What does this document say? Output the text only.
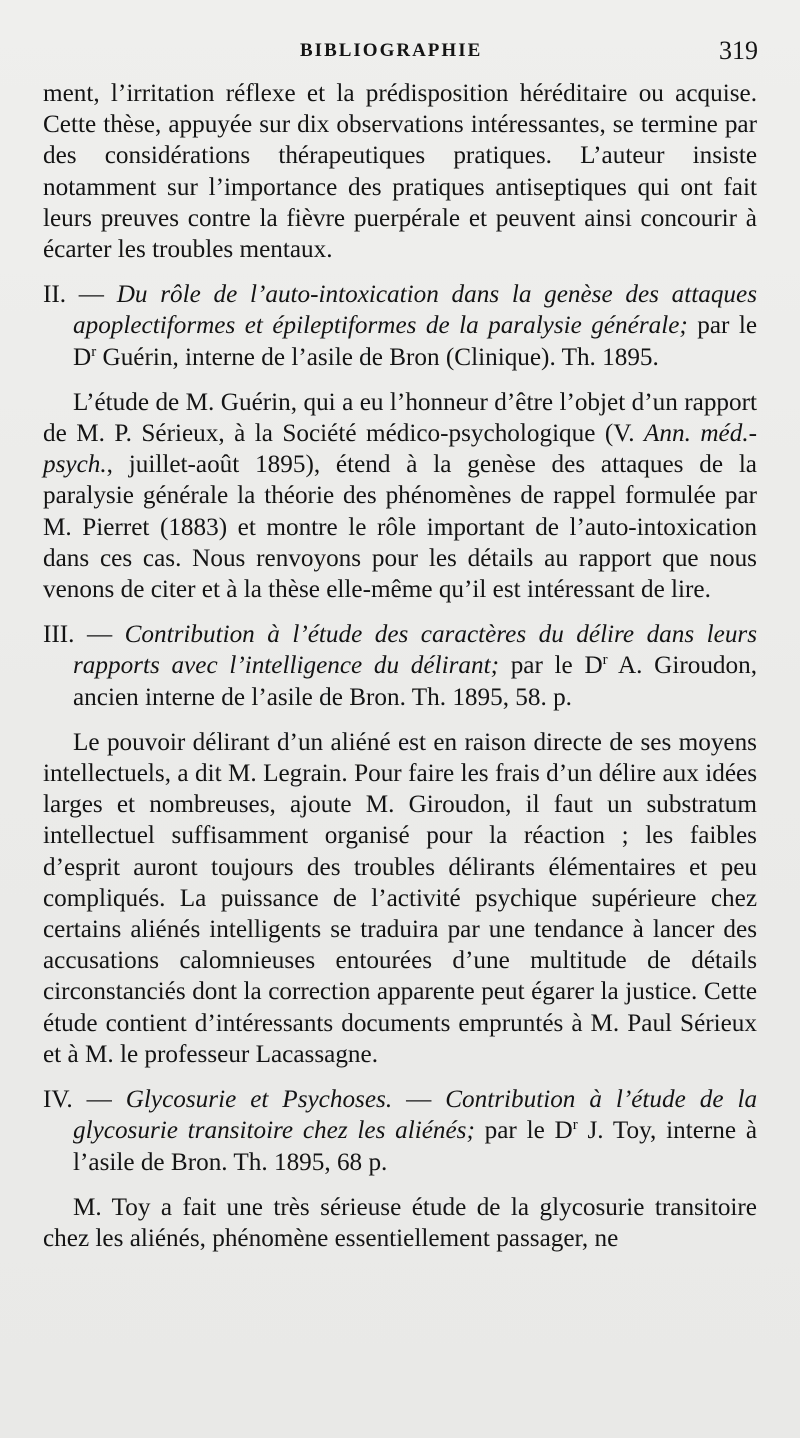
BIBLIOGRAPHIE	319

ment, l’irritation réflexe et la prédisposition héréditaire ou acquise. Cette thèse, appuyée sur dix observations intéressantes, se termine par des considérations thérapeutiques pratiques. L’auteur insiste notamment sur l’importance des pratiques antiseptiques qui ont fait leurs preuves contre la fièvre puerpérale et peuvent ainsi concourir à écarter les troubles mentaux.

II. — Du rôle de l’auto-intoxication dans la genèse des attaques apoplectiformes et épileptiformes de la paralysie générale; par le $D^r$ Guérin, interne de l’asile de Bron (Clinique). Th. 1895.

L’étude de M. Guérin, qui a eu l’honneur d’être l’objet d’un rapport de M. P. Sérieux, à la Société médico-psychologique (V. Ann. méd.-psych., juillet-août 1895), étend à la genèse des attaques de la paralysie générale la théorie des phénomènes de rappel formulée par M. Pierret (1883) et montre le rôle important de l’auto-intoxication dans ces cas. Nous renvoyons pour les détails au rapport que nous venons de citer et à la thèse elle-même qu’il est intéressant de lire.

III. — Contribution à l’étude des caractères du délire dans leurs rapports avec l’intelligence du délirant; par le $D^r$ A. Giroudon, ancien interne de l’asile de Bron. Th. 1895, 58. p.

Le pouvoir délirant d’un aliéné est en raison directe de ses moyens intellectuels, a dit M. Legrain. Pour faire les frais d’un délire aux idées larges et nombreuses, ajoute M. Giroudon, il faut un substratum intellectuel suffisamment organisé pour la réaction ; les faibles d’esprit auront toujours des troubles délirants élémentaires et peu compliqués. La puissance de l’activité psychique supérieure chez certains aliénés intelligents se traduira par une tendance à lancer des accusations calomnieuses entourées d’une multitude de détails circonstanciés dont la correction apparente peut égarer la justice. Cette étude contient d’intéressants documents empruntés à M. Paul Sérieux et à M. le professeur Lacassagne.

IV. — Glycosurie et Psychoses. — Contribution à l’étude de la glycosurie transitoire chez les aliénés; par le $D^r$ J. Toy, interne à l’asile de Bron. Th. 1895, 68 p.

M. Toy a fait une très sérieuse étude de la glycosurie transitoire chez les aliénés, phénomène essentiellement passager, ne
